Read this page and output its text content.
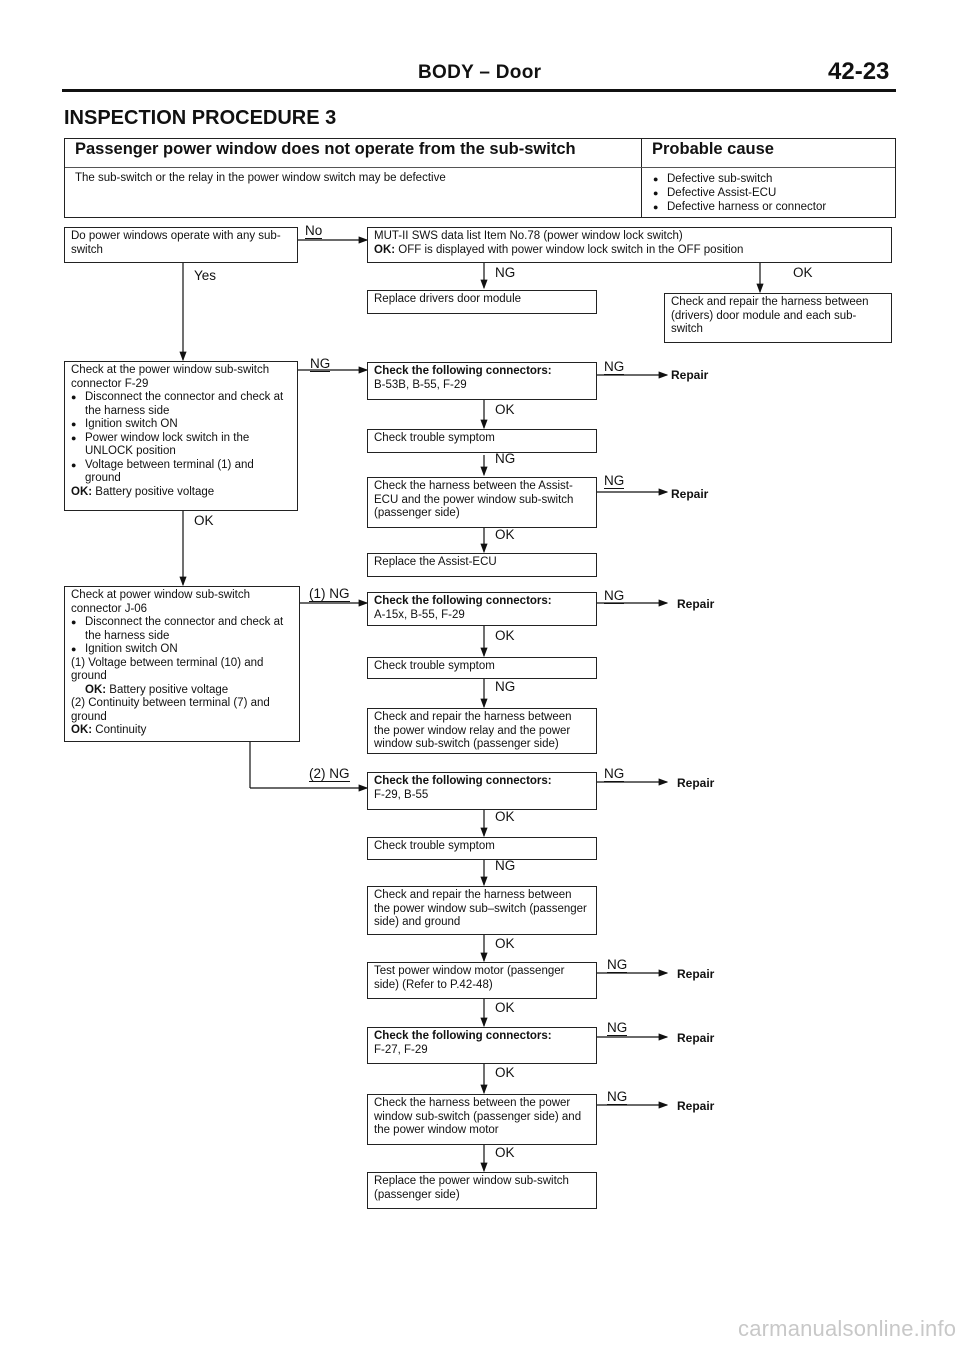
BODY – Door	42-23
INSPECTION PROCEDURE 3
Passenger power window does not operate from the sub-switch	Probable cause
The sub-switch or the relay in the power window switch may be defective
●	Defective sub-switch
● Defective Assist-ECU
● Defective harness or connector
Do power windows operate with any sub-switch
Check at the power window sub-switch connector F-29
● Disconnect the connector and check at the harness side
● Ignition switch ON
● Power window lock switch in the UNLOCK position
● Voltage between terminal (1) and ground
OK: Battery positive voltage
Check at power window sub-switch connector J-06
● Disconnect the connector and check at the harness side
● Ignition switch ON
(1) Voltage between terminal (10) and ground
OK: Battery positive voltage
(2) Continuity between terminal (7) and ground
OK: Continuity
MUT-II SWS data list Item No.78 (power window lock switch)
OK: OFF is displayed with power window lock switch in the OFF position
Replace drivers door module	Check and repair the harness between (drivers) door module and each sub-switch
Check the following connectors:
B-53B, B-55, F-29
Check trouble symptom
Check the harness between the Assist-ECU and the power window sub-switch (passenger side)
Replace the Assist-ECU
Check the following connectors:
A-15x, B-55, F-29
Check trouble symptom
Check and repair the harness between the power window relay and the power window sub-switch (passenger side)
Check the following connectors:
F-29, B-55
Check trouble symptom
Check and repair the harness between the power window sub–switch (passenger side) and ground
Test power window motor (passenger side) (Refer to P.42-48)
Check the following connectors:
F-27, F-29
Check the harness between the power window sub-switch (passenger side) and the power window motor
Replace the power window sub-switch (passenger side)
No
Yes	NG	OK
NG	NG
Repair
OK
NG
NG
Repair
OK
OK
(1) NG	NG
Repair
OK
NG
(2) NG	NG
Repair
OK
NG
OK
NG
Repair
OK
NG
Repair
OK
NG
Repair
OK
carmanualsonline.info
